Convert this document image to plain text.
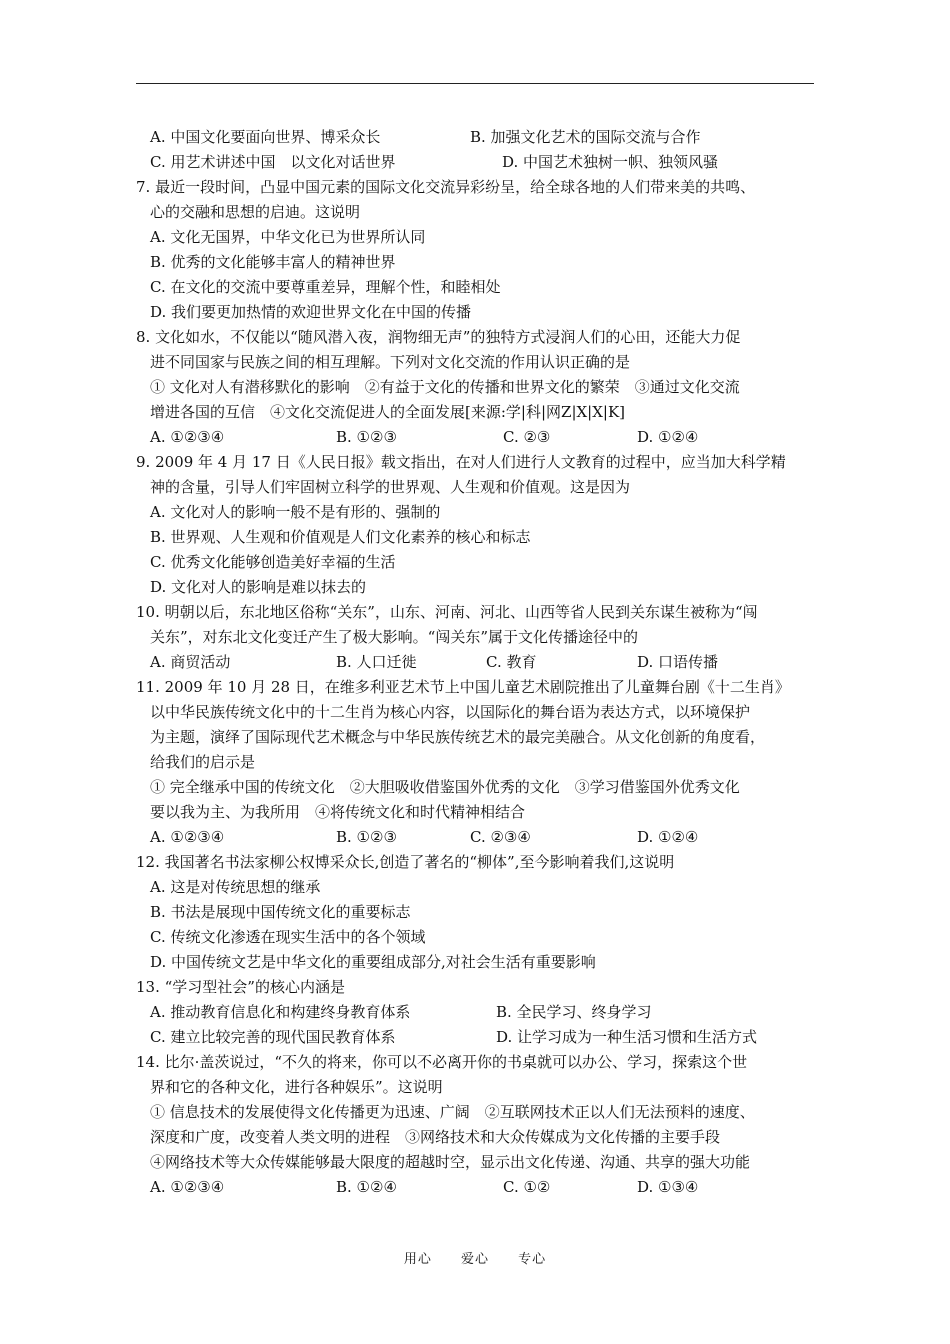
A. 中国文化要面向世界、博采众长	B. 加强文化艺术的国际交流与合作
C. 用艺术讲述中国　以文化对话世界	D. 中国艺术独树一帜、独领风骚
7. 最近一段时间，凸显中国元素的国际文化交流异彩纷呈，给全球各地的人们带来美的共鸣、
心的交融和思想的启迪。这说明
A. 文化无国界，中华文化已为世界所认同
B. 优秀的文化能够丰富人的精神世界
C. 在文化的交流中要尊重差异，理解个性，和睦相处
D. 我们要更加热情的欢迎世界文化在中国的传播
8. 文化如水，不仅能以“随风潜入夜，润物细无声”的独特方式浸润人们的心田，还能大力促
进不同国家与民族之间的相互理解。下列对文化交流的作用认识正确的是
① 文化对人有潜移默化的影响　②有益于文化的传播和世界文化的繁荣　③通过文化交流
增进各国的互信　④文化交流促进人的全面发展[来源:学|科|网Z|X|X|K]
A. ①②③④	B. ①②③	C. ②③	D. ①②④
9. 2009 年 4 月 17 日《人民日报》载文指出，在对人们进行人文教育的过程中，应当加大科学精
神的含量，引导人们牢固树立科学的世界观、人生观和价值观。这是因为
A. 文化对人的影响一般不是有形的、强制的
B. 世界观、人生观和价值观是人们文化素养的核心和标志
C. 优秀文化能够创造美好幸福的生活
D. 文化对人的影响是难以抹去的
10. 明朝以后，东北地区俗称“关东”，山东、河南、河北、山西等省人民到关东谋生被称为“闯
关东”，对东北文化变迁产生了极大影响。“闯关东”属于文化传播途径中的
A. 商贸活动	B. 人口迁徙	C. 教育	D. 口语传播
11. 2009 年 10 月 28 日，在维多利亚艺术节上中国儿童艺术剧院推出了儿童舞台剧《十二生肖》
以中华民族传统文化中的十二生肖为核心内容，以国际化的舞台语为表达方式，以环境保护
为主题，演绎了国际现代艺术概念与中华民族传统艺术的最完美融合。从文化创新的角度看，
给我们的启示是
① 完全继承中国的传统文化　②大胆吸收借鉴国外优秀的文化　③学习借鉴国外优秀文化
要以我为主、为我所用　④将传统文化和时代精神相结合
A. ①②③④	B. ①②③	C. ②③④	D. ①②④
12. 我国著名书法家柳公权博采众长,创造了著名的“柳体”,至今影响着我们,这说明
A. 这是对传统思想的继承
B. 书法是展现中国传统文化的重要标志
C. 传统文化渗透在现实生活中的各个领域
D. 中国传统文艺是中华文化的重要组成部分,对社会生活有重要影响
13. “学习型社会”的核心内涵是
A. 推动教育信息化和构建终身教育体系	B. 全民学习、终身学习
C. 建立比较完善的现代国民教育体系	D. 让学习成为一种生活习惯和生活方式
14. 比尔·盖茨说过，“不久的将来，你可以不必离开你的书桌就可以办公、学习，探索这个世
界和它的各种文化，进行各种娱乐”。这说明
① 信息技术的发展使得文化传播更为迅速、广阔　②互联网技术正以人们无法预料的速度、
深度和广度，改变着人类文明的进程　③网络技术和大众传媒成为文化传播的主要手段
④网络技术等大众传媒能够最大限度的超越时空，显示出文化传递、沟通、共享的强大功能
A. ①②③④	B. ①②④	C. ①②	D. ①③④
用心 爱心 专心
